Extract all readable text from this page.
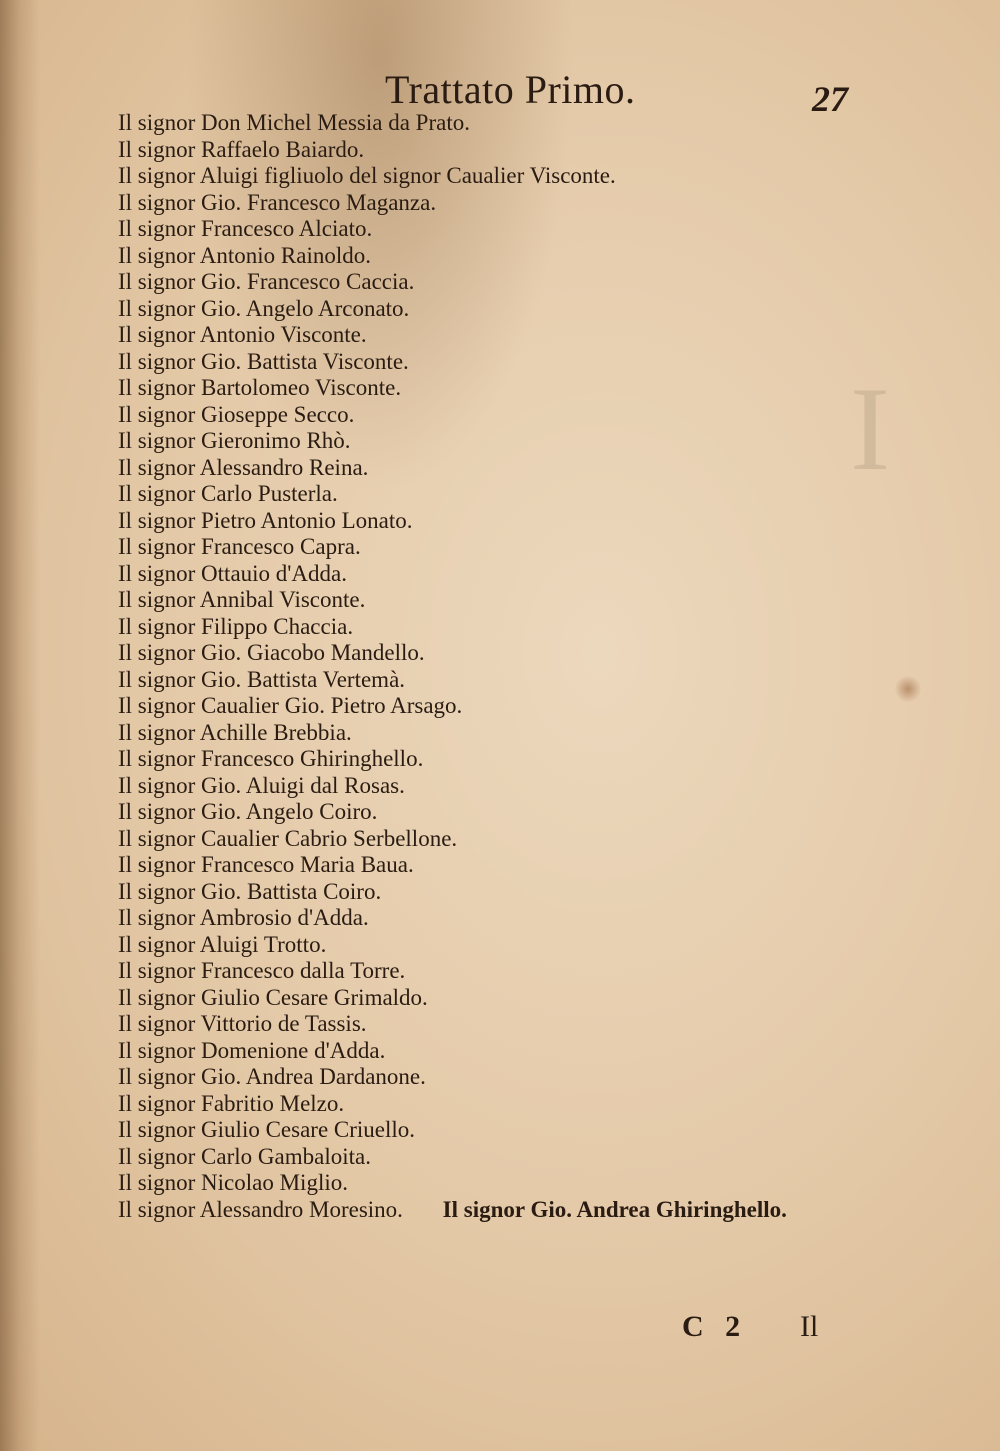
I
Trattato Primo.	27
Il signor Don Michel Messia da Prato.
Il signor Raffaelo Baiardo.
Il signor Aluigi figliuolo del signor Caualier Visconte.
Il signor Gio. Francesco Maganza.
Il signor Francesco Alciato.
Il signor Antonio Rainoldo.
Il signor Gio. Francesco Caccia.
Il signor Gio. Angelo Arconato.
Il signor Antonio Visconte.
Il signor Gio. Battista Visconte.
Il signor Bartolomeo Visconte.
Il signor Gioseppe Secco.
Il signor Gieronimo Rhò.
Il signor Alessandro Reina.
Il signor Carlo Pusterla.
Il signor Pietro Antonio Lonato.
Il signor Francesco Capra.
Il signor Ottauio d'Adda.
Il signor Annibal Visconte.
Il signor Filippo Chaccia.
Il signor Gio. Giacobo Mandello.
Il signor Gio. Battista Vertemà.
Il signor Caualier Gio. Pietro Arsago.
Il signor Achille Brebbia.
Il signor Francesco Ghiringhello.
Il signor Gio. Aluigi dal Rosas.
Il signor Gio. Angelo Coiro.
Il signor Caualier Cabrio Serbellone.
Il signor Francesco Maria Baua.
Il signor Gio. Battista Coiro.
Il signor Ambrosio d'Adda.
Il signor Aluigi Trotto.
Il signor Francesco dalla Torre.
Il signor Giulio Cesare Grimaldo.
Il signor Vittorio de Tassis.
Il signor Domenione d'Adda.
Il signor Gio. Andrea Dardanone.
Il signor Fabritio Melzo.
Il signor Giulio Cesare Criuello.
Il signor Carlo Gambaloita.
Il signor Nicolao Miglio.
Il signor Alessandro Moresino. Il signor Gio. Andrea Ghiringhello.
C 2 Il
